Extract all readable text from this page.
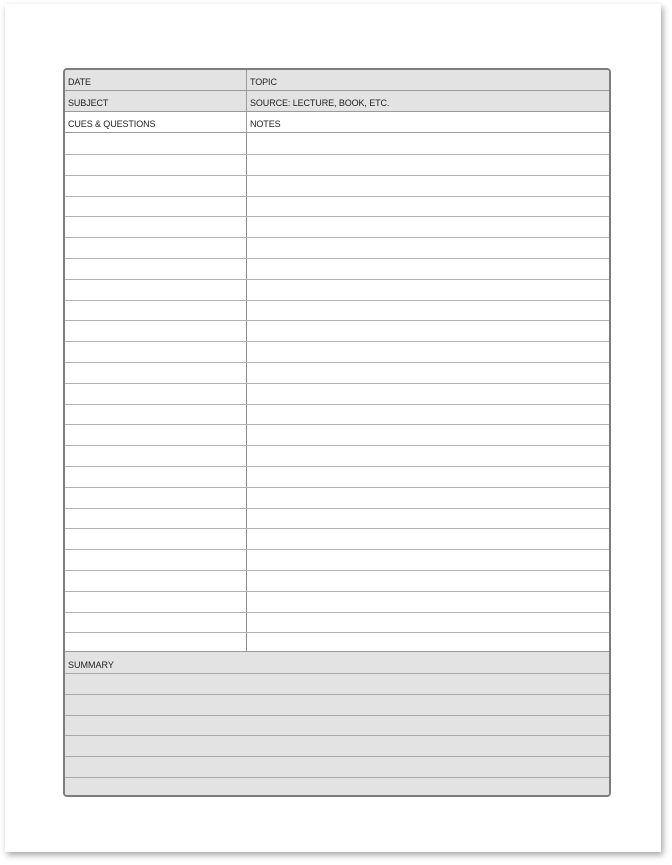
DATE	TOPIC
SUBJECT	SOURCE: LECTURE, BOOK, ETC.
CUES & QUESTIONS	NOTES
SUMMARY
